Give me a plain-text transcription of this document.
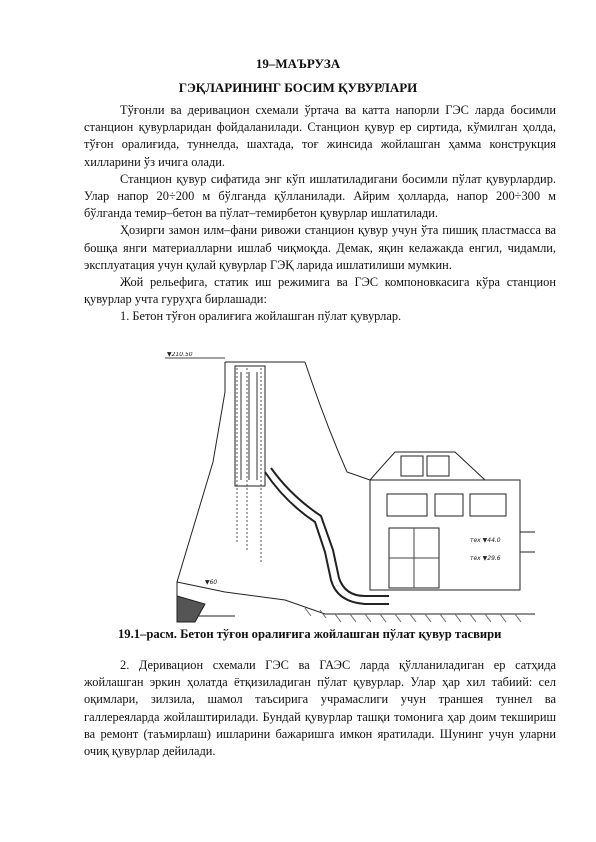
19–МАЪРУЗА
ГЭҚЛАРИНИНГ БОСИМ ҚУВУРЛАРИ

Тўғонли ва деривацион схемали ўртача ва катта напорли ГЭС ларда босимли станцион қувурларидан фойдаланилади. Станцион қувур ер сиртида, кўмилган ҳолда, тўғон оралиғида, туннелда, шахтада, тоғ жинсида жойлашган ҳамма конструкция хилларини ўз ичига олади.

Станцион қувур сифатида энг кўп ишлатиладигани босимли пўлат қувурлардир. Улар напор 20÷200 м бўлганда қўлланилади. Айрим ҳолларда, напор 200÷300 м бўлганда темир–бетон ва пўлат–темирбетон қувурлар ишлатилади.

Ҳозирги замон илм–фани ривожи станцион қувур учун ўта пишиқ пластмасса ва бошқа янги материалларни ишлаб чиқмоқда. Демак, яқин келажакда енгил, чидамли, эксплуатация учун қулай қувурлар ГЭҚ ларида ишлатилиши мумкин.

Жой рельефига, статик иш режимига ва ГЭС компоновкасига кўра станцион қувурлар учта гуруҳга бирлашади:

1. Бетон тўғон оралиғига жойлашган пўлат қувурлар.

▼210.50
▼60
тех ▼44.0
тех ▼29.6
19.1–расм. Бетон тўғон оралиғига жойлашган пўлат қувур тасвири

2. Деривацион схемали ГЭС ва ГАЭС ларда қўлланиладиган ер сатҳида жойлашган эркин ҳолатда ётқизиладиган пўлат қувурлар. Улар ҳар хил табиий: сел оқимлари, зилзила, шамол таъсирига учрамаслиги учун траншея туннел ва галлереяларда жойлаштирилади. Бундай қувурлар ташқи томонига ҳар доим текшириш ва ремонт (таъмирлаш) ишларини бажаришга имкон яратилади. Шунинг учун уларни очиқ қувурлар дейилади.
